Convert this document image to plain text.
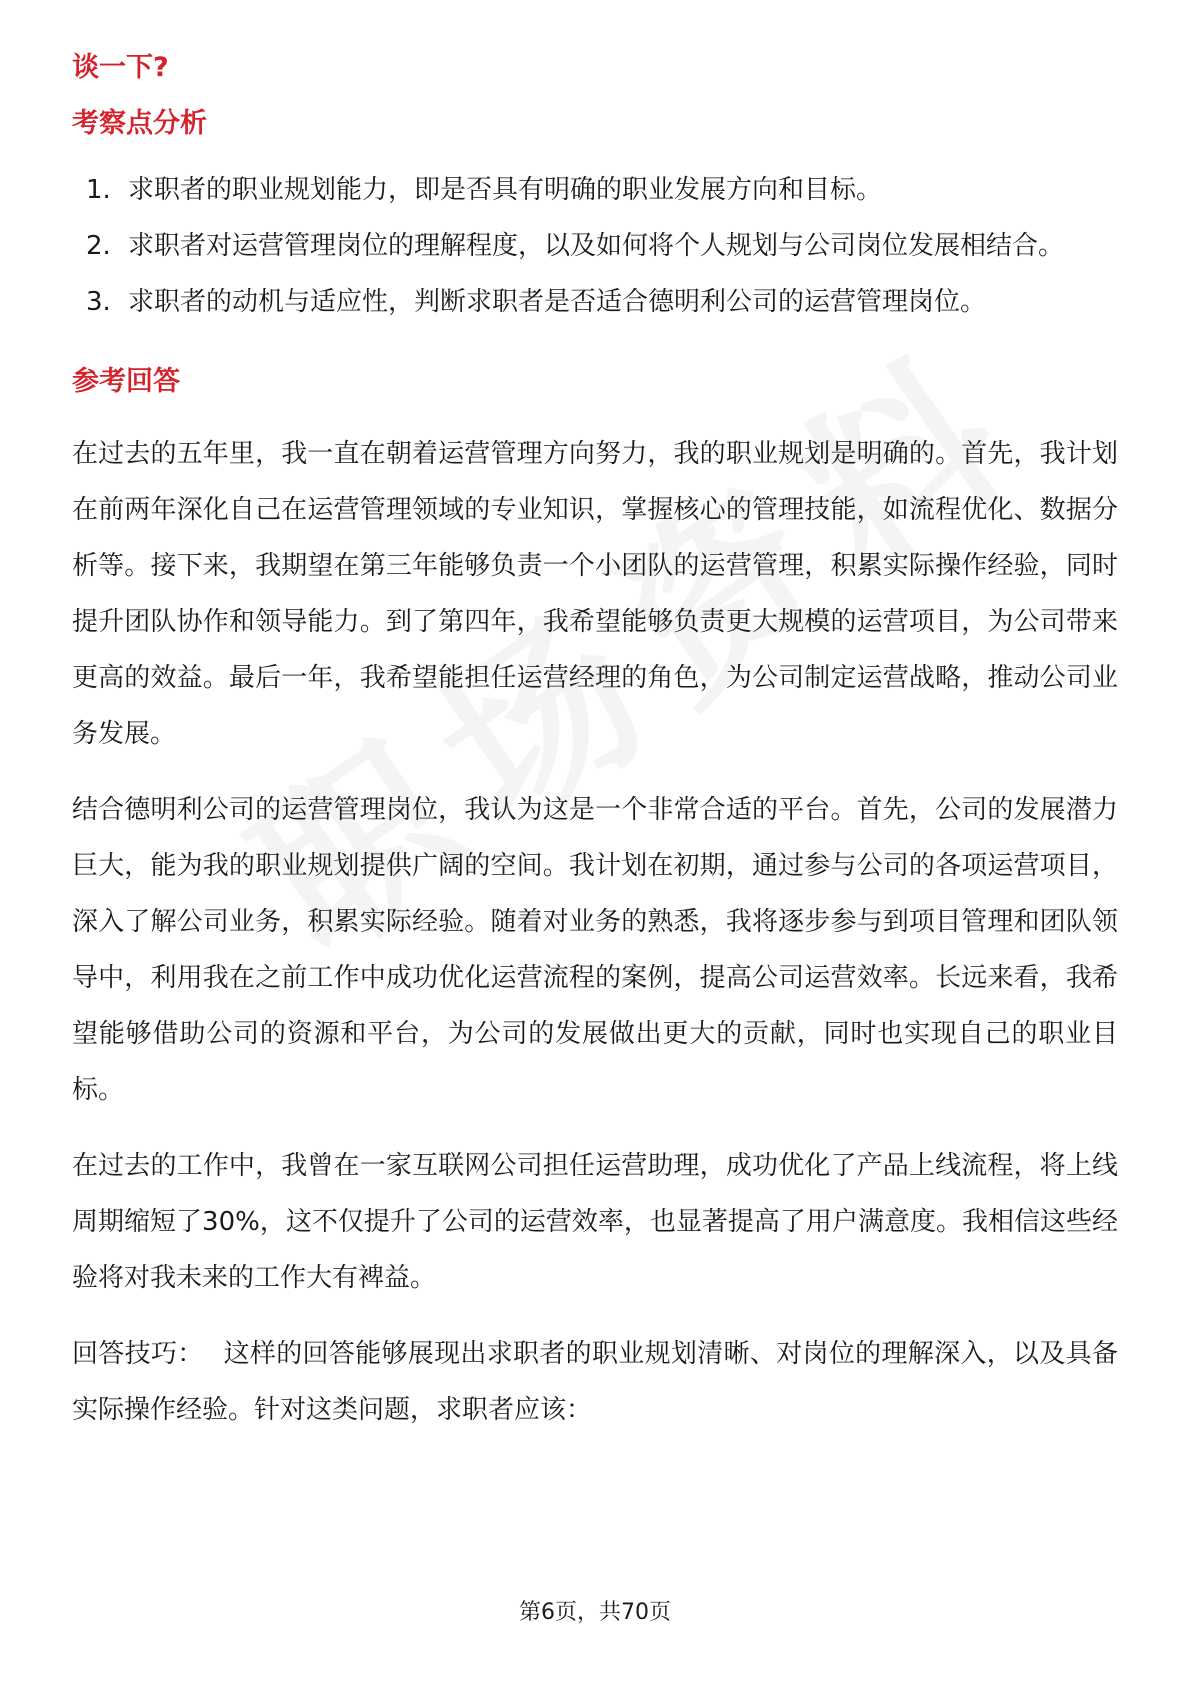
谈一下?
考察点分析
1. 求职者的职业规划能力，即是否具有明确的职业发展方向和目标。
2. 求职者对运营管理岗位的理解程度，以及如何将个人规划与公司岗位发展相结合。
3. 求职者的动机与适应性，判断求职者是否适合德明利公司的运营管理岗位。
参考回答

在过去的五年里，我一直在朝着运营管理方向努力，我的职业规划是明确的。首先，我计划在前两年深化自己在运营管理领域的专业知识，掌握核心的管理技能，如流程优化、数据分析等。接下来，我期望在第三年能够负责一个小团队的运营管理，积累实际操作经验，同时提升团队协作和领导能力。到了第四年，我希望能够负责更大规模的运营项目，为公司带来更高的效益。最后一年，我希望能担任运营经理的角色，为公司制定运营战略，推动公司业务发展。

结合德明利公司的运营管理岗位，我认为这是一个非常合适的平台。首先，公司的发展潜力巨大，能为我的职业规划提供广阔的空间。我计划在初期，通过参与公司的各项运营项目，深入了解公司业务，积累实际经验。随着对业务的熟悉，我将逐步参与到项目管理和团队领导中，利用我在之前工作中成功优化运营流程的案例，提高公司运营效率。长远来看，我希望能够借助公司的资源和平台，为公司的发展做出更大的贡献，同时也实现自己的职业目标。

在过去的工作中，我曾在一家互联网公司担任运营助理，成功优化了产品上线流程，将上线周期缩短了30%，这不仅提升了公司的运营效率，也显著提高了用户满意度。我相信这些经验将对我未来的工作大有裨益。

回答技巧： 这样的回答能够展现出求职者的职业规划清晰、对岗位的理解深入，以及具备实际操作经验。针对这类问题，求职者应该：

第6页，共70页
